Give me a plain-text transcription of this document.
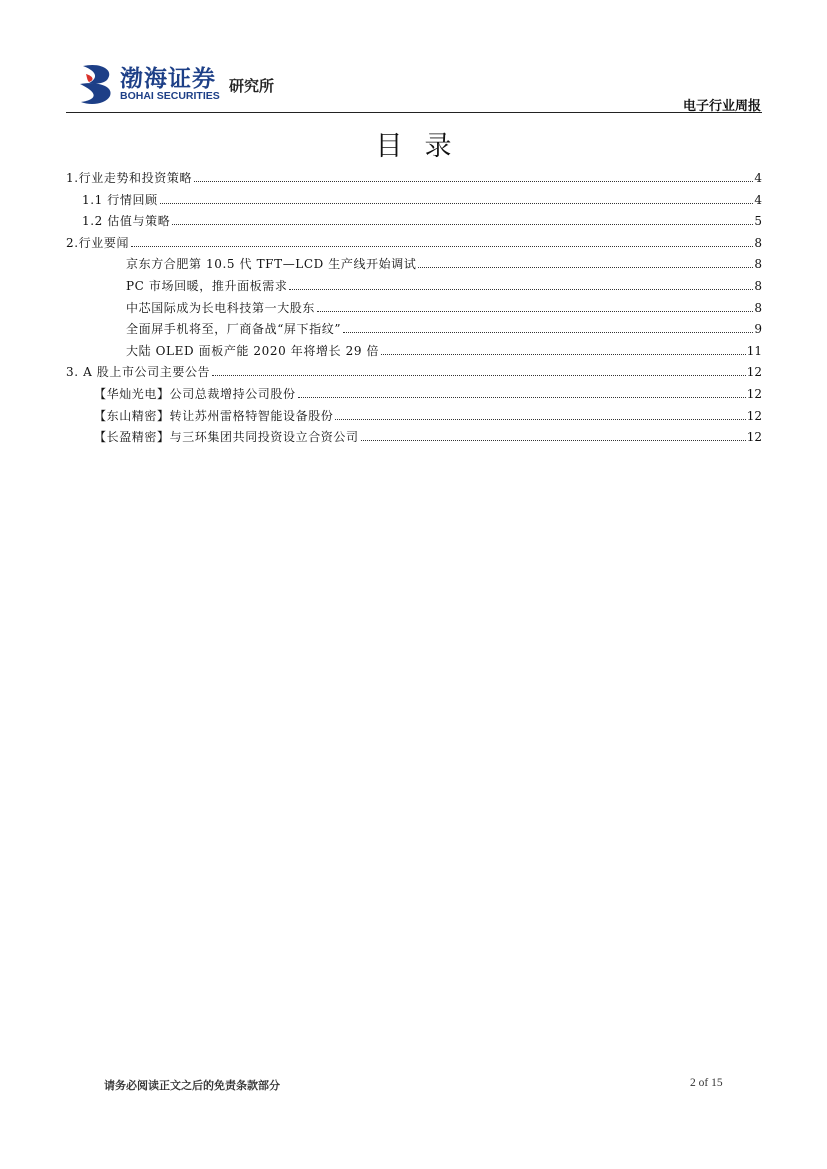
渤海证券
BOHAI SECURITIES
研究所
电子行业周报
目录
1.行业走势和投资策略	4
1.1 行情回顾	4
1.2 估值与策略	5
2.行业要闻	8
京东方合肥第 10.5 代 TFT—LCD 生产线开始调试	8
PC 市场回暖，推升面板需求	8
中芯国际成为长电科技第一大股东	8
全面屏手机将至，厂商备战“屏下指纹”	9
大陆 OLED 面板产能 2020 年将增长 29 倍	11
3. A 股上市公司主要公告	12
【华灿光电】公司总裁增持公司股份	12
【东山精密】转让苏州雷格特智能设备股份	12
【长盈精密】与三环集团共同投资设立合资公司	12
请务必阅读正文之后的免责条款部分	2 of 15
